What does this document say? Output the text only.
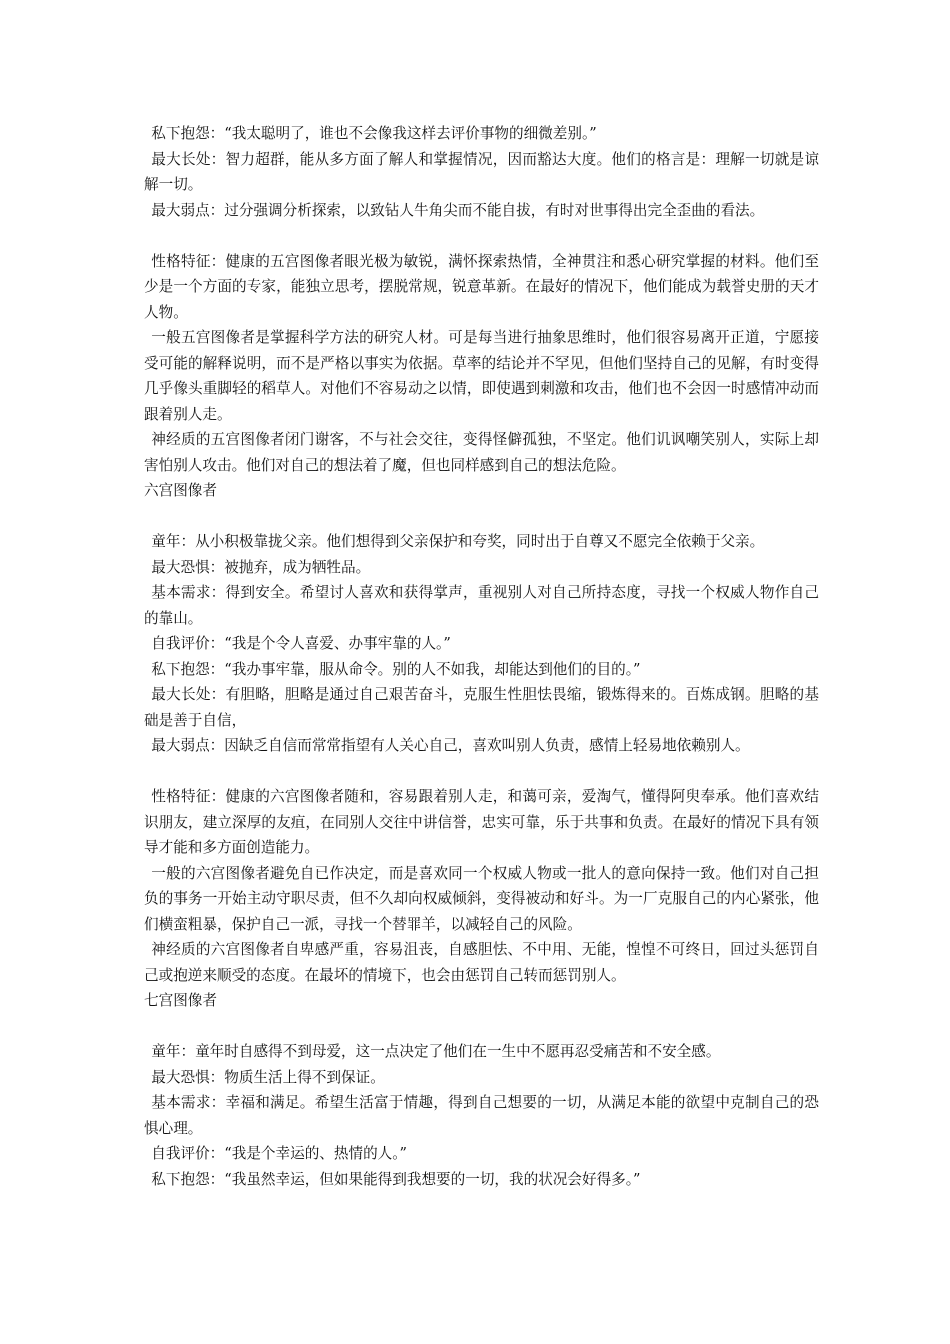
私下抱怨：“我太聪明了，谁也不会像我这样去评价事物的细微差别。”

最大长处：智力超群，能从多方面了解人和掌握情况，因而豁达大度。他们的格言是：理解一切就是谅解一切。

最大弱点：过分强调分析探索，以致钻人牛角尖而不能自拔，有时对世事得出完全歪曲的看法。

性格特征：健康的五宫图像者眼光极为敏锐，满怀探索热情，全神贯注和悉心研究掌握的材料。他们至少是一个方面的专家，能独立思考，摆脱常规，锐意革新。在最好的情况下，他们能成为载誉史册的天才人物。

一般五宫图像者是掌握科学方法的研究人材。可是每当进行抽象思维时，他们很容易离开正道，宁愿接受可能的解释说明，而不是严格以事实为依据。草率的结论并不罕见，但他们坚持自己的见解，有时变得几乎像头重脚轻的稻草人。对他们不容易动之以情，即使遇到刺激和攻击，他们也不会因一时感情冲动而跟着别人走。

神经质的五宫图像者闭门谢客，不与社会交往，变得怪僻孤独，不坚定。他们讥讽嘲笑别人，实际上却害怕别人攻击。他们对自己的想法着了魔，但也同样感到自己的想法危险。

六宫图像者

童年：从小积极靠拢父亲。他们想得到父亲保护和夸奖，同时出于自尊又不愿完全依赖于父亲。

最大恐惧：被抛弃，成为牺牲品。

基本需求：得到安全。希望讨人喜欢和获得掌声，重视别人对自己所持态度，寻找一个权威人物作自己的靠山。

自我评价：“我是个令人喜爱、办事牢靠的人。”

私下抱怨：“我办事牢靠，服从命令。别的人不如我，却能达到他们的目的。”

最大长处：有胆略，胆略是通过自己艰苦奋斗，克服生性胆怯畏缩，锻炼得来的。百炼成钢。胆略的基础是善于自信，

最大弱点：因缺乏自信而常常指望有人关心自己，喜欢叫别人负责，感情上轻易地依赖别人。

性格特征：健康的六宫图像者随和，容易跟着别人走，和蔼可亲，爱淘气，懂得阿臾奉承。他们喜欢结识朋友，建立深厚的友疽，在同别人交往中讲信誉，忠实可靠，乐于共事和负责。在最好的情况下具有领导才能和多方面创造能力。

一般的六宫图像者避免自已作决定，而是喜欢同一个权威人物或一批人的意向保持一致。他们对自己担负的事务一开始主动守职尽责，但不久却向权威倾斜，变得被动和好斗。为一厂克服自己的内心紧张，他们横蛮粗暴，保护自己一派，寻找一个替罪羊，以减轻自己的风险。

神经质的六宫图像者自卑感严重，容易沮丧，自感胆怯、不中用、无能，惶惶不可终日，回过头惩罚自己或抱逆来顺受的态度。在最坏的情境下，也会由惩罚自己转而惩罚别人。

七宫图像者

童年：童年时自感得不到母爱，这一点决定了他们在一生中不愿再忍受痛苦和不安全感。

最大恐惧：物质生活上得不到保证。

基本需求：幸福和满足。希望生活富于情趣，得到自己想要的一切，从满足本能的欲望中克制自己的恐惧心理。

自我评价：“我是个幸运的、热情的人。”

私下抱怨：“我虽然幸运，但如果能得到我想要的一切，我的状况会好得多。”
